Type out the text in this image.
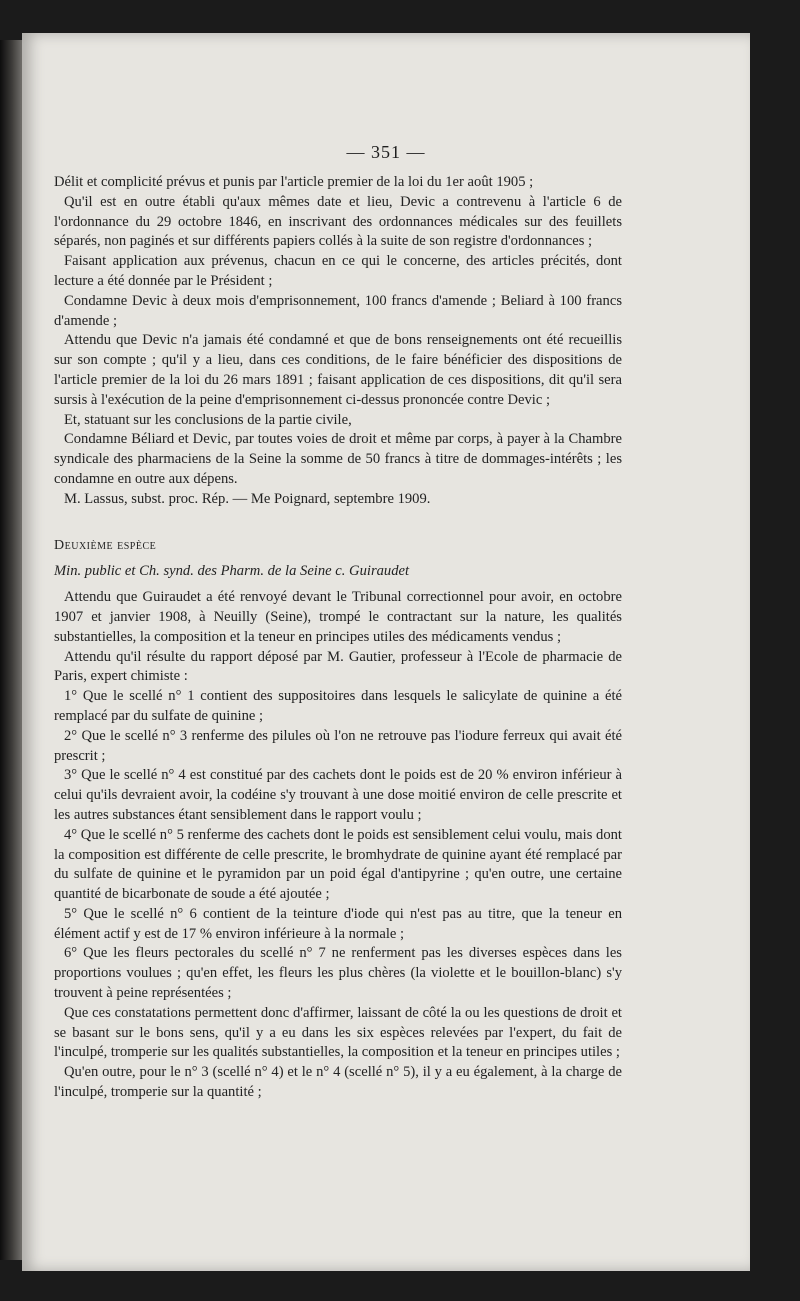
— 351 —

Délit et complicité prévus et punis par l'article premier de la loi du 1er août 1905 ;

Qu'il est en outre établi qu'aux mêmes date et lieu, Devic a contrevenu à l'article 6 de l'ordonnance du 29 octobre 1846, en inscrivant des ordonnances médicales sur des feuillets séparés, non paginés et sur différents papiers collés à la suite de son registre d'ordonnances ;

Faisant application aux prévenus, chacun en ce qui le concerne, des articles précités, dont lecture a été donnée par le Président ;

Condamne Devic à deux mois d'emprisonnement, 100 francs d'amende ; Beliard à 100 francs d'amende ;

Attendu que Devic n'a jamais été condamné et que de bons renseignements ont été recueillis sur son compte ; qu'il y a lieu, dans ces conditions, de le faire bénéficier des dispositions de l'article premier de la loi du 26 mars 1891 ; faisant application de ces dispositions, dit qu'il sera sursis à l'exécution de la peine d'emprisonnement ci-dessus prononcée contre Devic ;

Et, statuant sur les conclusions de la partie civile,

Condamne Béliard et Devic, par toutes voies de droit et même par corps, à payer à la Chambre syndicale des pharmaciens de la Seine la somme de 50 francs à titre de dommages-intérêts ; les condamne en outre aux dépens.

M. Lassus, subst. proc. Rép. — Me Poignard, septembre 1909.

Deuxième espèce
Min. public et Ch. synd. des Pharm. de la Seine c. Guiraudet

Attendu que Guiraudet a été renvoyé devant le Tribunal correctionnel pour avoir, en octobre 1907 et janvier 1908, à Neuilly (Seine), trompé le contractant sur la nature, les qualités substantielles, la composition et la teneur en principes utiles des médicaments vendus ;

Attendu qu'il résulte du rapport déposé par M. Gautier, professeur à l'Ecole de pharmacie de Paris, expert chimiste :

1° Que le scellé n° 1 contient des suppositoires dans lesquels le salicylate de quinine a été remplacé par du sulfate de quinine ;

2° Que le scellé n° 3 renferme des pilules où l'on ne retrouve pas l'iodure ferreux qui avait été prescrit ;

3° Que le scellé n° 4 est constitué par des cachets dont le poids est de 20 % environ inférieur à celui qu'ils devraient avoir, la codéine s'y trouvant à une dose moitié environ de celle prescrite et les autres substances étant sensiblement dans le rapport voulu ;

4° Que le scellé n° 5 renferme des cachets dont le poids est sensiblement celui voulu, mais dont la composition est différente de celle prescrite, le bromhydrate de quinine ayant été remplacé par du sulfate de quinine et le pyramidon par un poid égal d'antipyrine ; qu'en outre, une certaine quantité de bicarbonate de soude a été ajoutée ;

5° Que le scellé n° 6 contient de la teinture d'iode qui n'est pas au titre, que la teneur en élément actif y est de 17 % environ inférieure à la normale ;

6° Que les fleurs pectorales du scellé n° 7 ne renferment pas les diverses espèces dans les proportions voulues ; qu'en effet, les fleurs les plus chères (la violette et le bouillon-blanc) s'y trouvent à peine représentées ;

Que ces constatations permettent donc d'affirmer, laissant de côté la ou les questions de droit et se basant sur le bons sens, qu'il y a eu dans les six espèces relevées par l'expert, du fait de l'inculpé, tromperie sur les qualités substantielles, la composition et la teneur en principes utiles ;

Qu'en outre, pour le n° 3 (scellé n° 4) et le n° 4 (scellé n° 5), il y a eu également, à la charge de l'inculpé, tromperie sur la quantité ;
